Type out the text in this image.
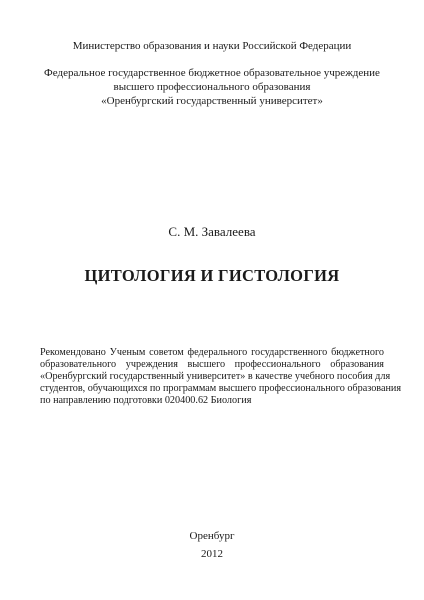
Министерство образования и науки Российской Федерации
Федеральное государственное бюджетное образовательное учреждение
высшего профессионального образования
«Оренбургский государственный университет»
С. М. Завалеева
ЦИТОЛОГИЯ И ГИСТОЛОГИЯ
Рекомендовано Ученым советом федерального государственного бюджетного
образовательного учреждения высшего профессионального образования
«Оренбургский государственный университет» в качестве учебного пособия для
студентов, обучающихся по программам высшего профессионального образования
по направлению подготовки 020400.62 Биология
Оренбург
2012
